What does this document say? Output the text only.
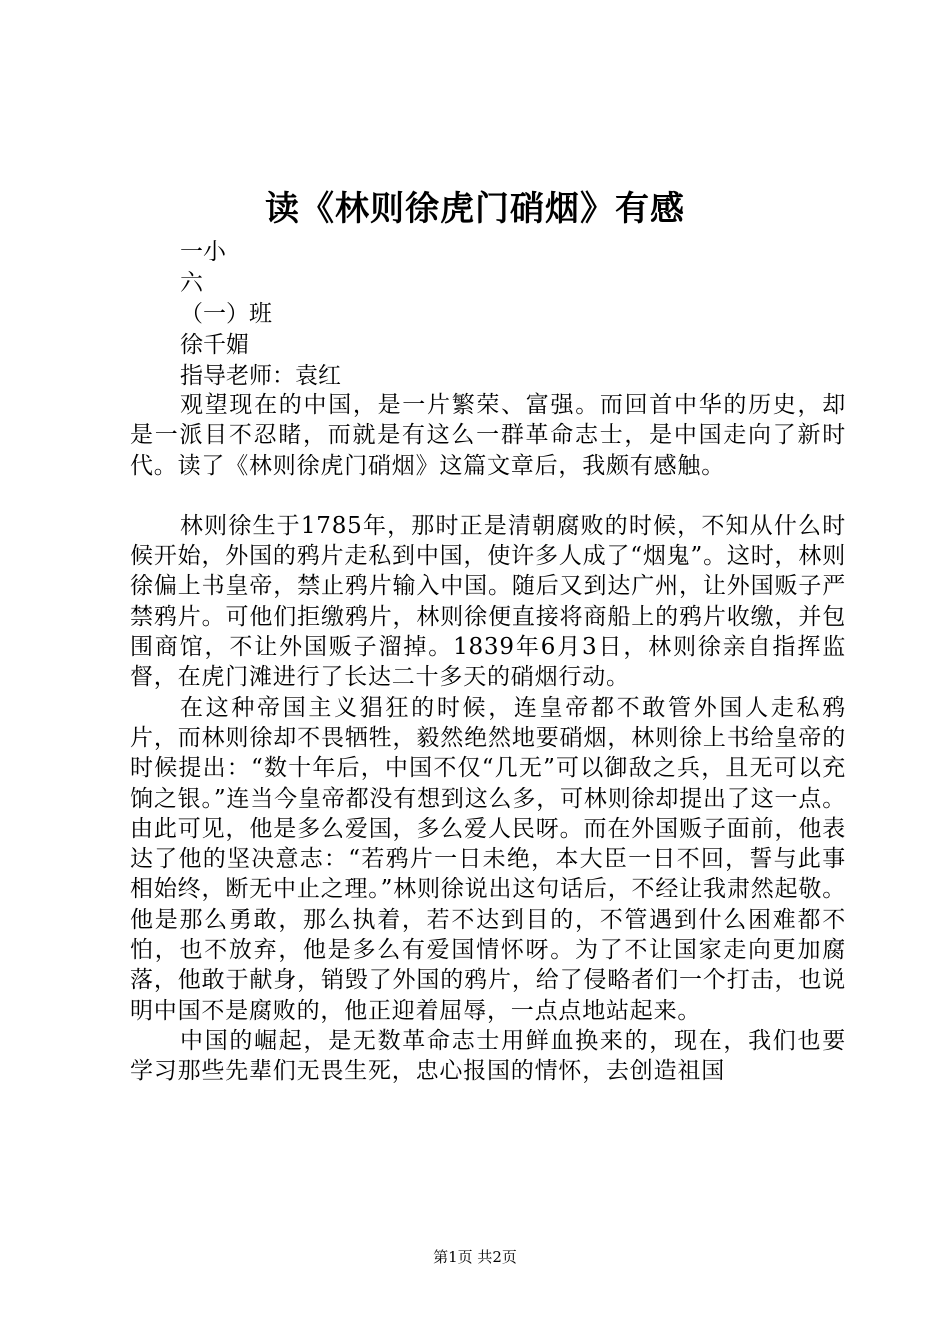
读《林则徐虎门硝烟》有感
一小
六
（一）班
徐千媚
指导老师：袁红

观望现在的中国，是一片繁荣、富强。而回首中华的历史，却是一派目不忍睹，而就是有这么一群革命志士，是中国走向了新时代。读了《林则徐虎门硝烟》这篇文章后，我颇有感触。

林则徐生于1785年，那时正是清朝腐败的时候，不知从什么时候开始，外国的鸦片走私到中国，使许多人成了“烟鬼”。这时，林则徐偏上书皇帝，禁止鸦片输入中国。随后又到达广州，让外国贩子严禁鸦片。可他们拒缴鸦片，林则徐便直接将商船上的鸦片收缴，并包围商馆，不让外国贩子溜掉。1839年6月3日，林则徐亲自指挥监督，在虎门滩进行了长达二十多天的硝烟行动。

在这种帝国主义猖狂的时候，连皇帝都不敢管外国人走私鸦片，而林则徐却不畏牺牲，毅然绝然地要硝烟，林则徐上书给皇帝的时候提出：“数十年后，中国不仅“几无”可以御敌之兵，且无可以充饷之银。”连当今皇帝都没有想到这么多，可林则徐却提出了这一点。由此可见，他是多么爱国，多么爱人民呀。而在外国贩子面前，他表达了他的坚决意志：“若鸦片一日未绝，本大臣一日不回，誓与此事相始终，断无中止之理。”林则徐说出这句话后，不经让我肃然起敬。他是那么勇敢，那么执着，若不达到目的，不管遇到什么困难都不怕，也不放弃，他是多么有爱国情怀呀。为了不让国家走向更加腐落，他敢于献身，销毁了外国的鸦片，给了侵略者们一个打击，也说明中国不是腐败的，他正迎着屈辱，一点点地站起来。

中国的崛起，是无数革命志士用鲜血换来的，现在，我们也要学习那些先辈们无畏生死，忠心报国的情怀，去创造祖国

第1页 共2页
